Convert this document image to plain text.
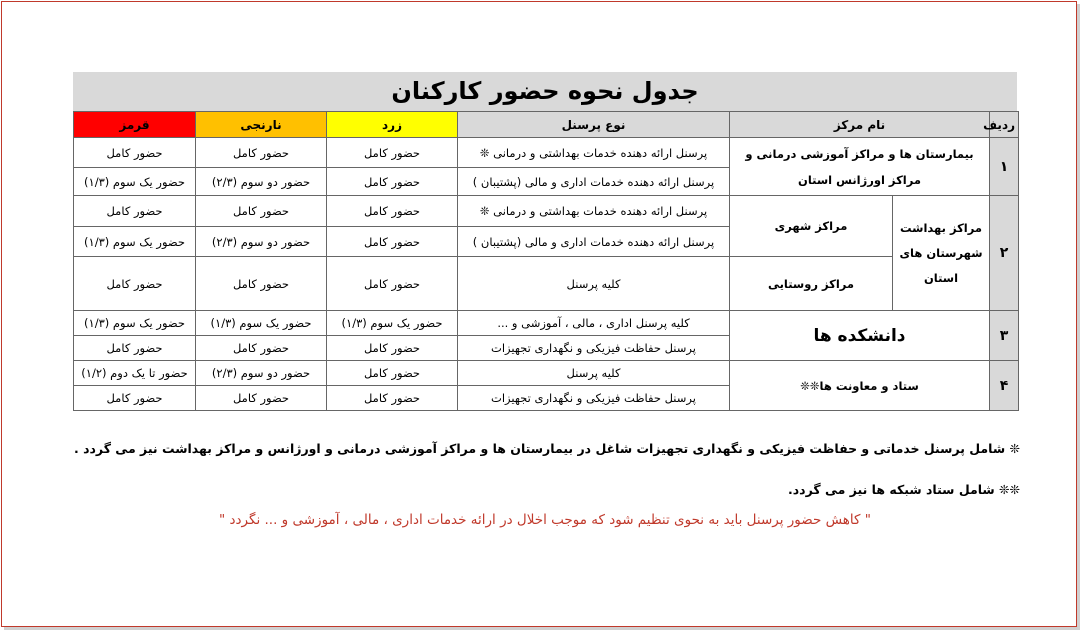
جدول نحوه حضور کارکنان
ردیف	نام مرکز		نوع پرسنل	زرد	نارنجی	قرمز
۱	بیمارستان ها و مراکز آموزشی درمانی و مراکز اورژانس استان		پرسنل ارائه دهنده خدمات بهداشتی و درمانی ❊	حضور کامل	حضور کامل	حضور کامل
			پرسنل ارائه دهنده خدمات اداری و مالی (پشتیبان )	حضور کامل	حضور دو سوم (۲/۳)	حضور یک سوم (۱/۳)
۲	مراکز بهداشت شهرستان های استان	مراکز شهری	پرسنل ارائه دهنده خدمات بهداشتی و درمانی ❊	حضور کامل	حضور کامل	حضور کامل
			پرسنل ارائه دهنده خدمات اداری و مالی (پشتیبان )	حضور کامل	حضور دو سوم (۲/۳)	حضور یک سوم (۱/۳)
		مراکز روستایی	کلیه پرسنل	حضور کامل	حضور کامل	حضور کامل
۳	دانشکده ها		کلیه پرسنل اداری ، مالی ، آموزشی و ...	حضور یک سوم (۱/۳)	حضور یک سوم (۱/۳)	حضور یک سوم (۱/۳)
			پرسنل حفاظت فیزیکی و نگهداری تجهیزات	حضور کامل	حضور کامل	حضور کامل
۴	ستاد و معاونت ها❊❊		کلیه پرسنل	حضور کامل	حضور دو سوم (۲/۳)	حضور تا یک دوم (۱/۲)
			پرسنل حفاظت فیزیکی و نگهداری تجهیزات	حضور کامل	حضور کامل	حضور کامل
❊ شامل پرسنل خدماتی و حفاظت فیزیکی و نگهداری تجهیزات شاغل در بیمارستان ها و مراکز آموزشی درمانی و اورژانس و مراکز بهداشت نیز می گردد .
❊❊ شامل ستاد شبکه ها نیز می گردد.
" کاهش حضور پرسنل باید به نحوی تنظیم شود که موجب اخلال در ارائه خدمات اداری ، مالی ، آموزشی و ... نگردد "
